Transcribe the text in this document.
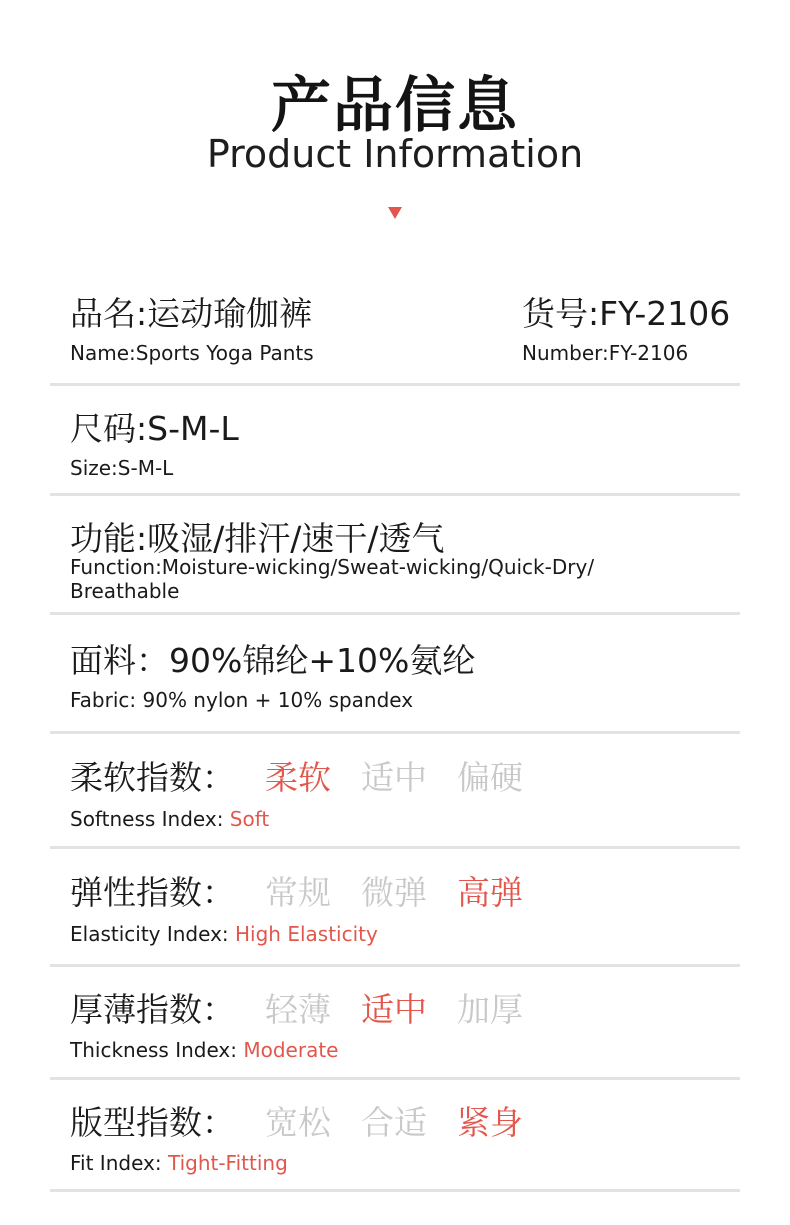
产品信息
Product Information
品名:运动瑜伽裤
Name:Sports Yoga Pants
货号:FY-2106
Number:FY-2106
尺码:S-M-L
Size:S-M-L
功能:吸湿/排汗/速干/透气
Function:Moisture-wicking/Sweat-wicking/Quick-Dry/
Breathable
面料：90%锦纶+10%氨纶
Fabric: 90% nylon + 10% spandex
柔软指数： 柔软 适中 偏硬
Softness Index: Soft
弹性指数： 常规 微弹 高弹
Elasticity Index: High Elasticity
厚薄指数： 轻薄 适中 加厚
Thickness Index: Moderate
版型指数： 宽松 合适 紧身
Fit Index: Tight-Fitting
